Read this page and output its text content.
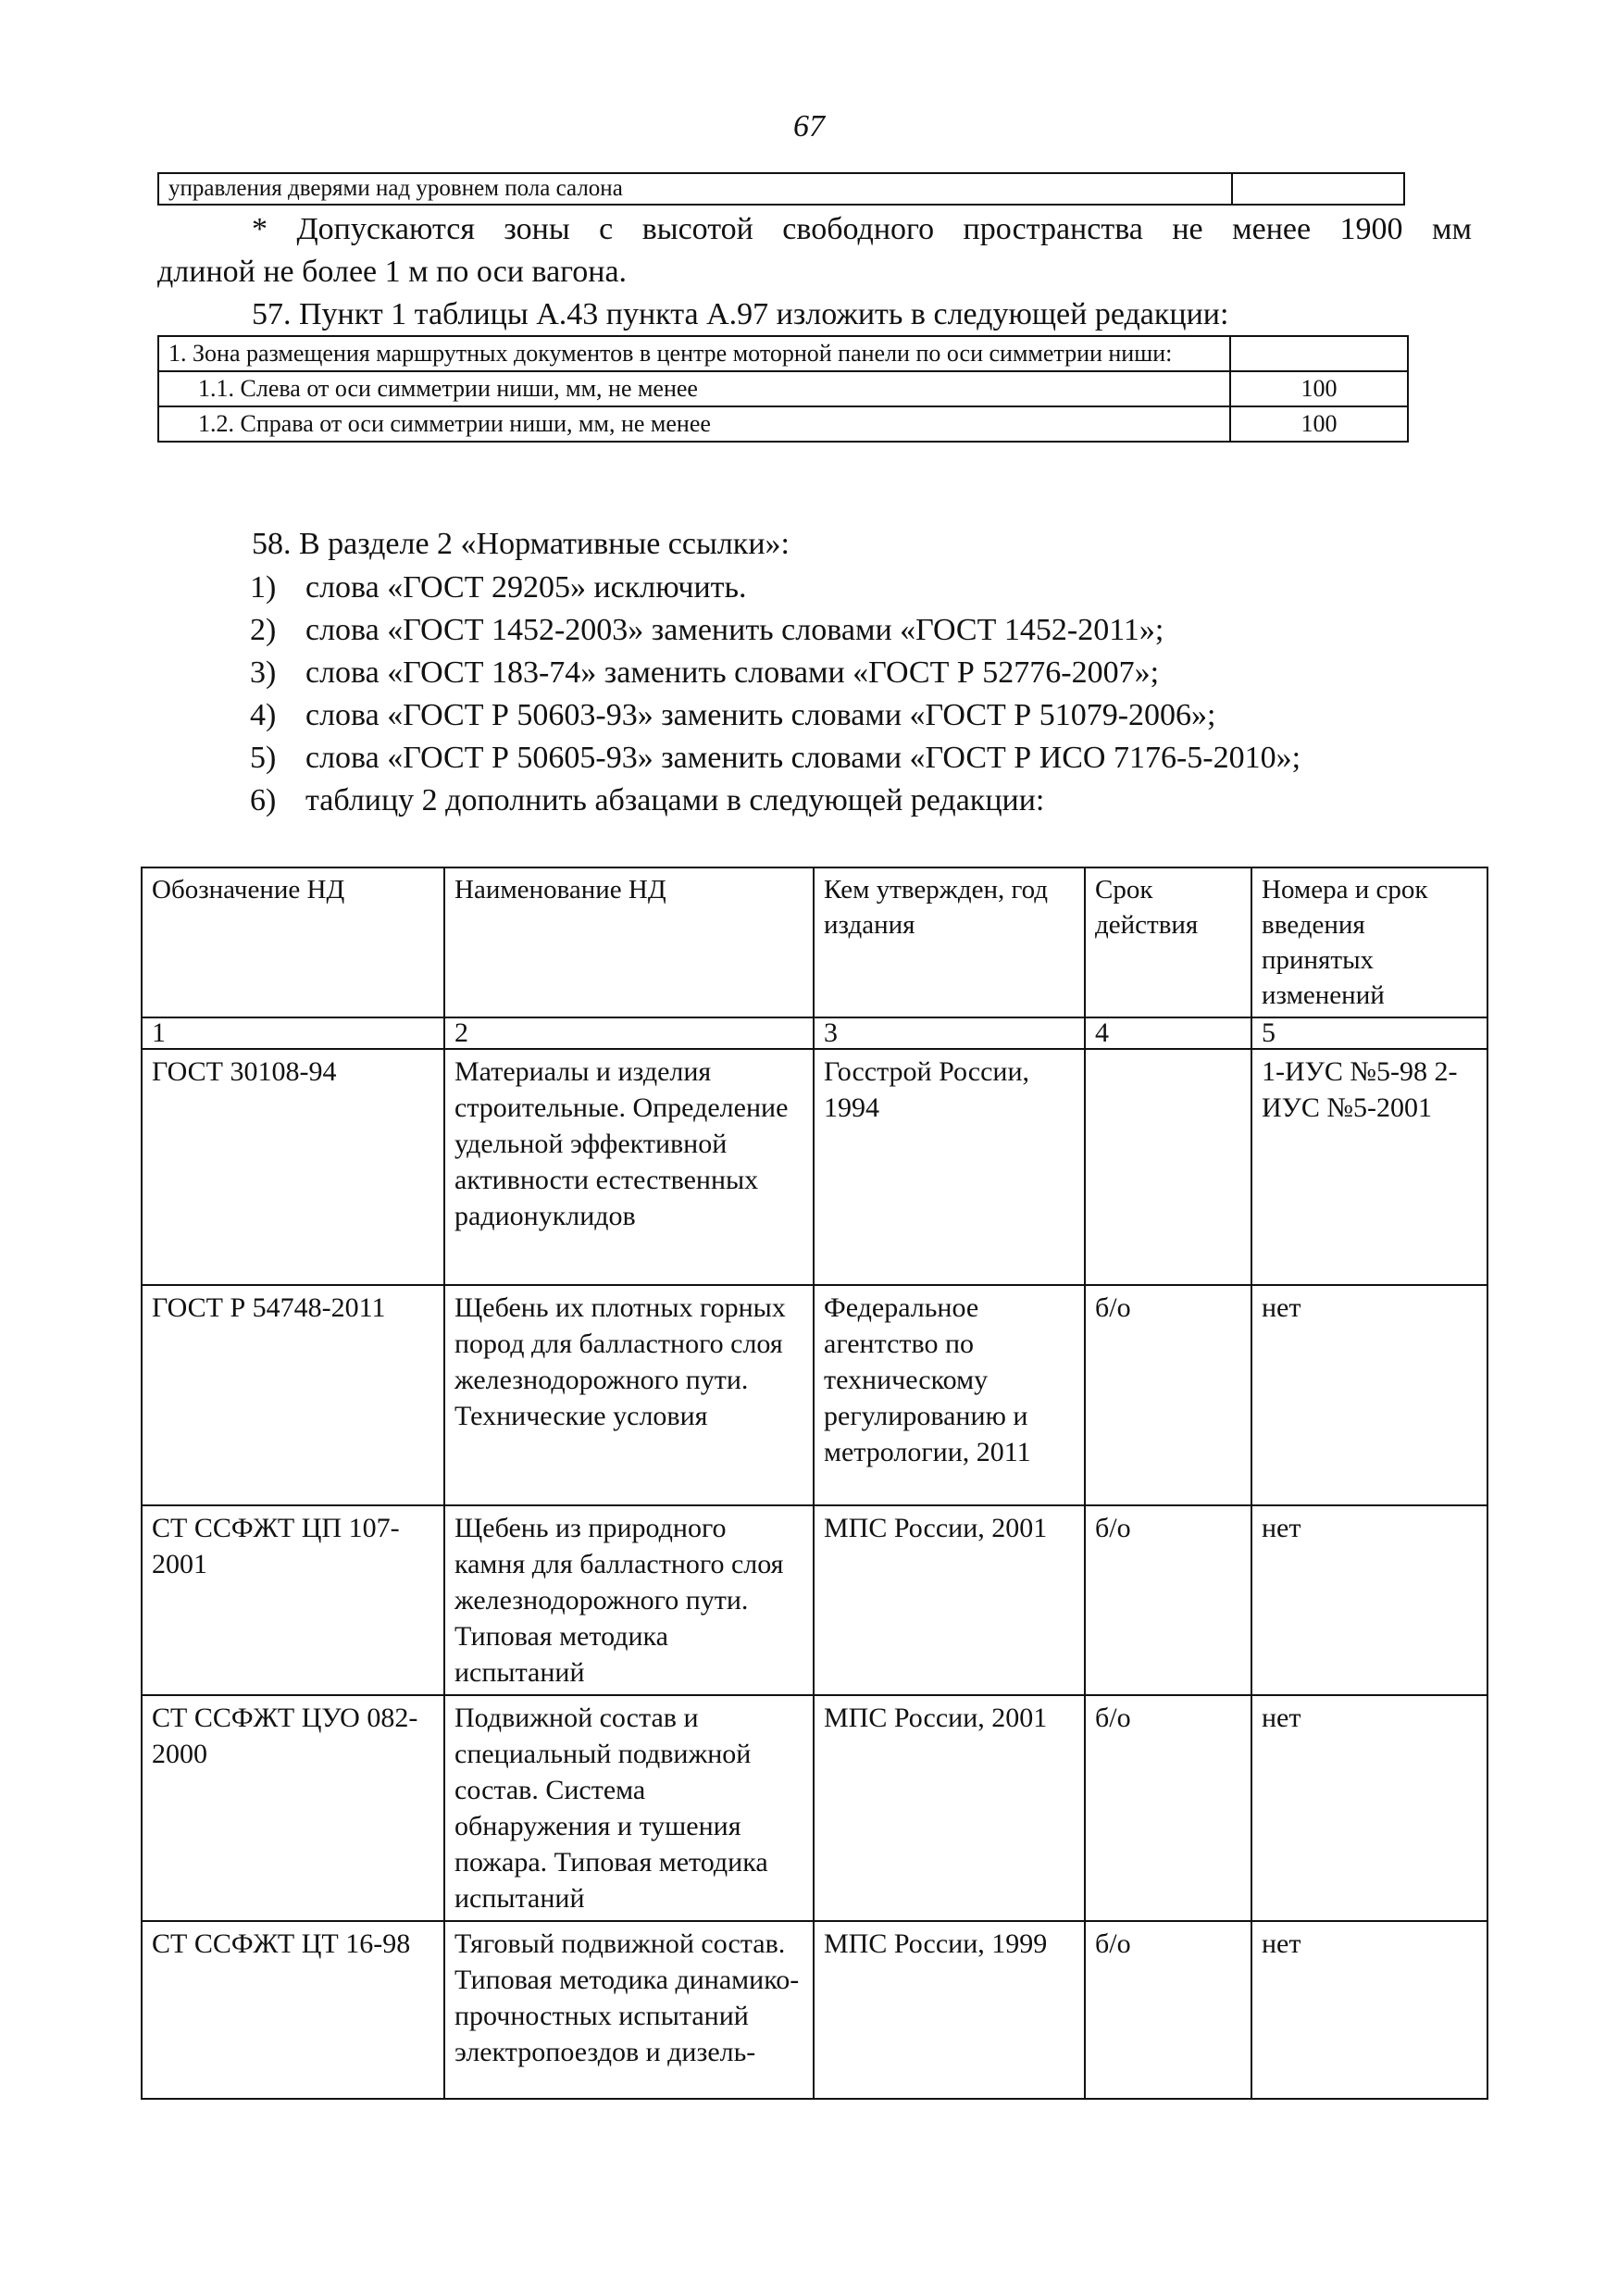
67
управления дверями над уровнем пола салона
* Допускаются зоны с высотой свободного пространства не менее 1900 мм
длиной не более 1 м по оси вагона.
57. Пункт 1 таблицы А.43 пункта А.97 изложить в следующей редакции:
1. Зона размещения маршрутных документов в центре моторной панели по оси симметрии ниши:	
1.1. Слева от оси симметрии ниши, мм, не менее	100
1.2. Справа от оси симметрии ниши, мм, не менее	100
58. В разделе 2 «Нормативные ссылки»:
1) слова «ГОСТ 29205» исключить.
2) слова «ГОСТ 1452-2003» заменить словами «ГОСТ 1452-2011»;
3) слова «ГОСТ 183-74» заменить словами «ГОСТ Р 52776-2007»;
4) слова «ГОСТ Р 50603-93» заменить словами «ГОСТ Р 51079-2006»;
5) слова «ГОСТ Р 50605-93» заменить словами «ГОСТ Р ИСО 7176-5-2010»;
6) таблицу 2 дополнить абзацами в следующей редакции:
Обозначение НД	Наименование НД	Кем утвержден, год издания	Срок действия	Номера и срок введения принятых изменений
1	2	3	4	5
ГОСТ 30108-94	Материалы и изделия строительные. Определение удельной эффективной активности естественных радионуклидов	Госстрой России, 1994		1-ИУС №5-98 2-ИУС №5-2001
ГОСТ Р 54748-2011	Щебень их плотных горных пород для балластного слоя железнодорожного пути. Технические условия	Федеральное агентство по техническому регулированию и метрологии, 2011	б/о	нет
СТ ССФЖТ ЦП 107-2001	Щебень из природного камня для балластного слоя железнодорожного пути. Типовая методика испытаний	МПС России, 2001	б/о	нет
СТ ССФЖТ ЦУО 082-2000	Подвижной состав и специальный подвижной состав. Система обнаружения и тушения пожара. Типовая методика испытаний	МПС России, 2001	б/о	нет
СТ ССФЖТ ЦТ 16-98	Тяговый подвижной состав. Типовая методика динамико-прочностных испытаний электропоездов и дизель-	МПС России, 1999	б/о	нет
